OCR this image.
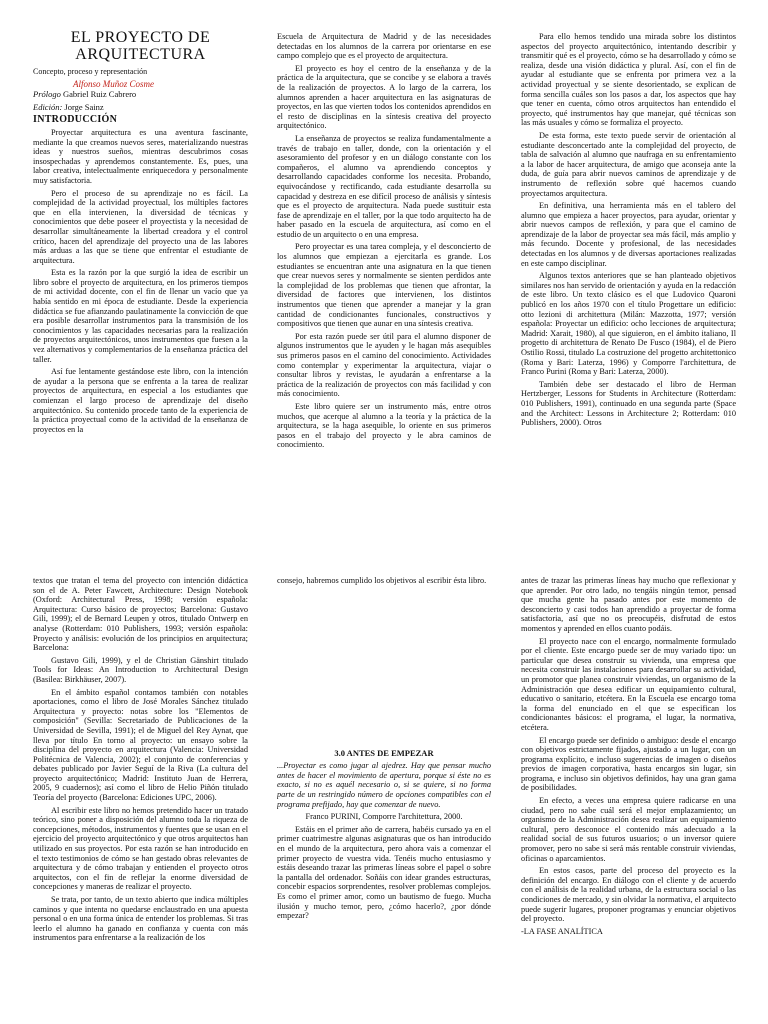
EL PROYECTO DE
ARQUITECTURA

Concepto, proceso y representación

Alfonso Muñoz Cosme

Prólogo Gabriel Ruiz Cabrero

Edición: Jorge Sainz

INTRODUCCIÓN

Proyectar arquitectura es una aventura fascinante, mediante la que creamos nuevos seres, materializando nuestras ideas y nuestros sueños, mientras descubrimos cosas insospechadas y aprendemos constantemente. Es, pues, una labor creativa, intelectualmente enriquecedora y personalmente muy satisfactoria.

Pero el proceso de su aprendizaje no es fácil. La complejidad de la actividad proyectual, los múltiples factores que en ella intervienen, la diversidad de técnicas y conocimientos que debe poseer el proyectista y la necesidad de desarrollar simultáneamente la libertad creadora y el control crítico, hacen del aprendizaje del proyecto una de las labores más arduas a las que se tiene que enfrentar el estudiante de arquitectura.

Esta es la razón por la que surgió la idea de escribir un libro sobre el proyecto de arquitectura, en los primeros tiempos de mi actividad docente, con el fin de llenar un vacío que ya había sentido en mi época de estudiante. Desde la experiencia didáctica se fue afianzando paulatinamente la convicción de que era posible desarrollar instrumentos para la transmisión de los conocimientos y las capacidades necesarias para la realización de proyectos arquitectónicos, unos instrumentos que fuesen a la vez alternativos y complementarios de la enseñanza práctica del taller.

Así fue lentamente gestándose este libro, con la intención de ayudar a la persona que se enfrenta a la tarea de realizar proyectos de arquitectura, en especial a los estudiantes que comienzan el largo proceso de aprendizaje del diseño arquitectónico. Su contenido procede tanto de la experiencia de la práctica proyectual como de la actividad de la enseñanza de proyectos en la

Escuela de Arquitectura de Madrid y de las necesidades detectadas en los alumnos de la carrera por orientarse en ese campo complejo que es el proyecto de arquitectura.

El proyecto es hoy el centro de la enseñanza y de la práctica de la arquitectura, que se concibe y se elabora a través de la realización de proyectos. A lo largo de la carrera, los alumnos aprenden a hacer arquitectura en las asignaturas de proyectos, en las que vierten todos los contenidos aprendidos en el resto de disciplinas en la síntesis creativa del proyecto arquitectónico.

La enseñanza de proyectos se realiza fundamentalmente a través de trabajo en taller, donde, con la orientación y el asesoramiento del profesor y en un diálogo constante con los compañeros, el alumno va aprendiendo conceptos y desarrollando capacidades conforme los necesita. Probando, equivocándose y rectificando, cada estudiante desarrolla su capacidad y destreza en ese difícil proceso de análisis y síntesis que es el proyecto de arquitectura. Nada puede sustituir esta fase de aprendizaje en el taller, por la que todo arquitecto ha de haber pasado en la escuela de arquitectura, así como en el estudio de un arquitecto o en una empresa.

Pero proyectar es una tarea compleja, y el desconcierto de los alumnos que empiezan a ejercitarla es grande. Los estudiantes se encuentran ante una asignatura en la que tienen que crear nuevos seres y normalmente se sienten perdidos ante la complejidad de los problemas que tienen que afrontar, la diversidad de factores que intervienen, los distintos instrumentos que tienen que aprender a manejar y la gran cantidad de condicionantes funcionales, constructivos y compositivos que tienen que aunar en una síntesis creativa.

Por esta razón puede ser útil para el alumno disponer de algunos instrumentos que le ayuden y le hagan más asequibles sus primeros pasos en el camino del conocimiento. Actividades como contemplar y experimentar la arquitectura, viajar o consultar libros y revistas, le ayudarán a enfrentarse a la práctica de la realización de proyectos con más facilidad y con más conocimiento.

Este libro quiere ser un instrumento más, entre otros muchos, que acerque al alumno a la teoría y la práctica de la arquitectura, se la haga asequible, lo oriente en sus primeros pasos en el trabajo del proyecto y le abra caminos de conocimiento.

Para ello hemos tendido una mirada sobre los distintos aspectos del proyecto arquitectónico, intentando describir y transmitir qué es el proyecto, cómo se ha desarrollado y cómo se realiza, desde una visión didáctica y plural. Así, con el fin de ayudar al estudiante que se enfrenta por primera vez a la actividad proyectual y se siente desorientado, se explican de forma sencilla cuáles son los pasos a dar, los aspectos que hay que tener en cuenta, cómo otros arquitectos han entendido el proyecto, qué instrumentos hay que manejar, qué técnicas son las más usuales y cómo se formaliza el proyecto.

De esta forma, este texto puede servir de orientación al estudiante desconcertado ante la complejidad del proyecto, de tabla de salvación al alumno que naufraga en su enfrentamiento a la labor de hacer arquitectura, de amigo que aconseja ante la duda, de guía para abrir nuevos caminos de aprendizaje y de instrumento de reflexión sobre qué hacemos cuando proyectamos arquitectura.

En definitiva, una herramienta más en el tablero del alumno que empieza a hacer proyectos, para ayudar, orientar y abrir nuevos campos de reflexión, y para que el camino de aprendizaje de la labor de proyectar sea más fácil, más amplio y más fecundo. Docente y profesional, de las necesidades detectadas en los alumnos y de diversas aportaciones realizadas en este campo disciplinar.

Algunos textos anteriores que se han planteado objetivos similares nos han servido de orientación y ayuda en la redacción de este libro. Un texto clásico es el que Ludovico Quaroni publicó en los años 1970 con el título Progettare un edificio: otto lezioni di architettura (Milán: Mazzotta, 1977; versión española: Proyectar un edificio: ocho lecciones de arquitectura; Madrid: Xarait, 1980), al que siguieron, en el ámbito italiano, Il progetto di architettura de Renato De Fusco (1984), el de Piero Ostilio Rossi, titulado La costruzione del progetto architettonico (Roma y Bari: Laterza, 1996) y Comporre l'architettura, de Franco Purini (Roma y Bari: Laterza, 2000).

También debe ser destacado el libro de Herman Hertzberger, Lessons for Students in Architecture (Rotterdam: 010 Publishers, 1991), continuado en una segunda parte (Space and the Architect: Lessons in Architecture 2; Rotterdam: 010 Publishers, 2000). Otros

textos que tratan el tema del proyecto con intención didáctica son el de A. Peter Fawcett, Architecture: Design Notebook (Oxford: Architectural Press, 1998; versión española: Arquitectura: Curso básico de proyectos; Barcelona: Gustavo Gili, 1999); el de Bernard Leupen y otros, titulado Ontwerp en analyse (Rotterdam: 010 Publishers, 1993; versión española: Proyecto y análisis: evolución de los principios en arquitectura; Barcelona:

Gustavo Gili, 1999), y el de Christian Gänshirt titulado Tools for Ideas: An Introduction to Architectural Design (Basilea: Birkhäuser, 2007).

En el ámbito español contamos también con notables aportaciones, como el libro de José Morales Sánchez titulado Arquitectura y proyecto: notas sobre los "Elementos de composición" (Sevilla: Secretariado de Publicaciones de la Universidad de Sevilla, 1991); el de Miguel del Rey Aynat, que lleva por título En torno al proyecto: un ensayo sobre la disciplina del proyecto en arquitectura (Valencia: Universidad Politécnica de Valencia, 2002); el conjunto de conferencias y debates publicado por Javier Seguí de la Riva (La cultura del proyecto arquitectónico; Madrid: Instituto Juan de Herrera, 2005, 9 cuadernos); así como el libro de Helio Piñón titulado Teoría del proyecto (Barcelona: Ediciones UPC, 2006).

Al escribir este libro no hemos pretendido hacer un tratado teórico, sino poner a disposición del alumno toda la riqueza de concepciones, métodos, instrumentos y fuentes que se usan en el ejercicio del proyecto arquitectónico y que otros arquitectos han utilizado en sus proyectos. Por esta razón se han introducido en el texto testimonios de cómo se han gestado obras relevantes de arquitectura y de cómo trabajan y entienden el proyecto otros arquitectos, con el fin de reflejar la enorme diversidad de concepciones y maneras de realizar el proyecto.

Se trata, por tanto, de un texto abierto que indica múltiples caminos y que intenta no quedarse enclaustrado en una apuesta personal o en una forma única de entender los problemas. Si tras leerlo el alumno ha ganado en confianza y cuenta con más instrumentos para enfrentarse a la realización de los

consejo, habremos cumplido los objetivos al escribir ésta libro.

3.0 ANTES DE EMPEZAR

...Proyectar es como jugar al ajedrez. Hay que pensar mucho antes de hacer el movimiento de apertura, porque si éste no es exacto, si no es aquél necesario o, si se quiere, si no forma parte de un restringido número de opciones compatibles con el programa prefijado, hay que comenzar de nuevo.

Franco PURINI, Comporre l'architettura, 2000.

Estáis en el primer año de carrera, habéis cursado ya en el primer cuatrimestre algunas asignaturas que os han introducido en el mundo de la arquitectura, pero ahora vais a comenzar el primer proyecto de vuestra vida. Tenéis mucho entusiasmo y estáis deseando trazar las primeras líneas sobre el papel o sobre la pantalla del ordenador. Soñáis con idear grandes estructuras, concebir espacios sorprendentes, resolver problemas complejos. Es como el primer amor, como un bautismo de fuego. Mucha ilusión y mucho temor, pero, ¿cómo hacerlo?, ¿por dónde empezar?

antes de trazar las primeras líneas hay mucho que reflexionar y que aprender. Por otro lado, no tengáis ningún temor, pensad que mucha gente ha pasado antes por este momento de desconcierto y casi todos han aprendido a proyectar de forma satisfactoria, así que no os preocupéis, disfrutad de estos momentos y aprended en ellos cuanto podáis.

El proyecto nace con el encargo, normalmente formulado por el cliente. Este encargo puede ser de muy variado tipo: un particular que desea construir su vivienda, una empresa que necesita construir las instalaciones para desarrollar su actividad, un promotor que planea construir viviendas, un organismo de la Administración que desea edificar un equipamiento cultural, educativo o sanitario, etcétera. En la Escuela ese encargo toma la forma del enunciado en el que se especifican los condicionantes básicos: el programa, el lugar, la normativa, etcétera.

El encargo puede ser definido o ambiguo: desde el encargo con objetivos estrictamente fijados, ajustado a un lugar, con un programa explícito, e incluso sugerencias de imagen o diseños previos de imagen corporativa, hasta encargos sin lugar, sin programa, e incluso sin objetivos definidos, hay una gran gama de posibilidades.

En efecto, a veces una empresa quiere radicarse en una ciudad, pero no sabe cuál será el mejor emplazamiento; un organismo de la Administración desea realizar un equipamiento cultural, pero desconoce el contenido más adecuado a la realidad social de sus futuros usuarios; o un inversor quiere promover, pero no sabe si será más rentable construir viviendas, oficinas o aparcamientos.

En estos casos, parte del proceso del proyecto es la definición del encargo. En diálogo con el cliente y de acuerdo con el análisis de la realidad urbana, de la estructura social o las condiciones de mercado, y sin olvidar la normativa, el arquitecto puede sugerir lugares, proponer programas y enunciar objetivos del proyecto.

-LA FASE ANALÍTICA
